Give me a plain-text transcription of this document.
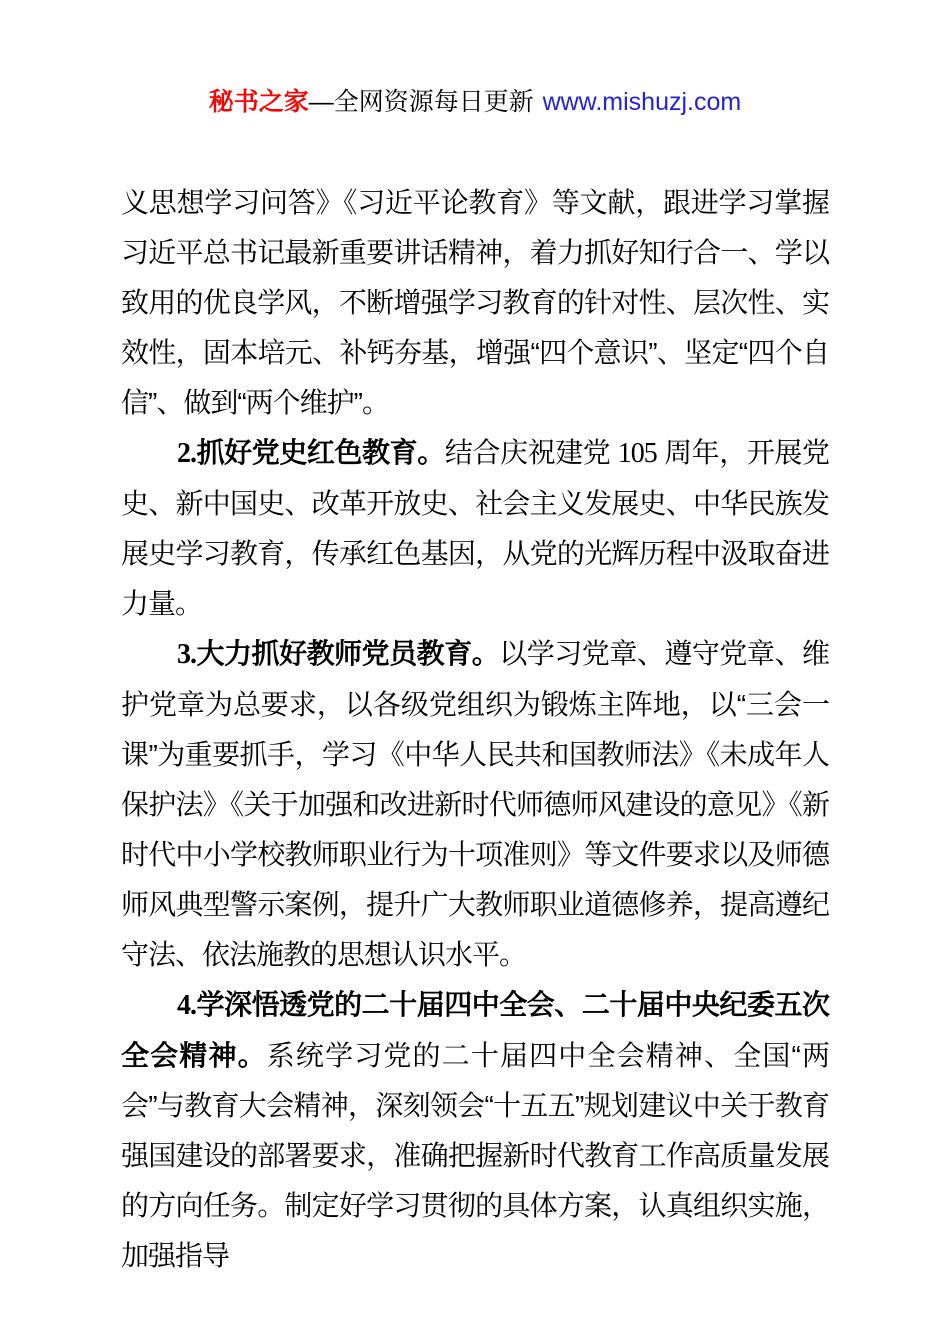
秘书之家—全网资源每日更新 www.mishuzj.com

义思想学习问答》《习近平论教育》等文献，跟进学习掌握习近平总书记最新重要讲话精神，着力抓好知行合一、学以致用的优良学风，不断增强学习教育的针对性、层次性、实效性，固本培元、补钙夯基，增强“四个意识”、坚定“四个自信”、做到“两个维护”。

2.抓好党史红色教育。结合庆祝建党 105 周年，开展党史、新中国史、改革开放史、社会主义发展史、中华民族发展史学习教育，传承红色基因，从党的光辉历程中汲取奋进力量。

3.大力抓好教师党员教育。以学习党章、遵守党章、维护党章为总要求，以各级党组织为锻炼主阵地，以“三会一课”为重要抓手，学习《中华人民共和国教师法》《未成年人保护法》《关于加强和改进新时代师德师风建设的意见》《新时代中小学校教师职业行为十项准则》等文件要求以及师德师风典型警示案例，提升广大教师职业道德修养，提高遵纪守法、依法施教的思想认识水平。

4.学深悟透党的二十届四中全会、二十届中央纪委五次全会精神。系统学习党的二十届四中全会精神、全国“两会”与教育大会精神，深刻领会“十五五”规划建议中关于教育强国建设的部署要求，准确把握新时代教育工作高质量发展的方向任务。制定好学习贯彻的具体方案，认真组织实施，加强指导
